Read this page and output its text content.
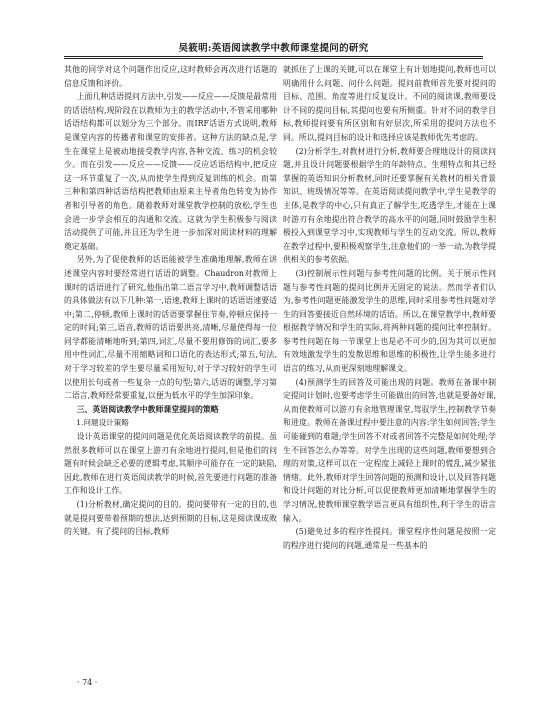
吴筱明:英语阅读教学中教师课堂提问的研究

其他的同学对这个问题作出反应,这时教师会再次进行话题的信息反馈和评价。

上面几种话语提问方法中,引发——反应——反馈是最常用的话语结构,现阶段在以教师为主的教学活动中,不管采用哪种话语结构都可以划分为三个部分。而IRF话语方式说明,教师是课堂内容的传播者和课堂的安排者。这种方法的缺点是,学生在课堂上是被动地接受教学内容,各种交流、练习的机会较少。而在引发——反应——反馈——反应话语结构中,把反应这一环节重复了一次,从而使学生得到反复训练的机会。而第三种和第四种话语结构把教师由原来主导者角色转变为协作者和引导者的角色。随着教师对课堂教学控制的放松,学生也会进一步学会相互的沟通和交流。这就为学生积极参与阅读活动提供了可能,并且还为学生进一步加深对阅读材料的理解奠定基础。

另外,为了促使教师的话语能被学生准确地理解,教师在讲述课堂内容时要经常进行话语的调整。Chaudron对教师上课时的话语进行了研究,他指出第二语言学习中,教师调整话语的具体做法有以下几种:第一,语速,教师上课时的话语语速要适中;第二,停顿,教师上课时的话语要掌握住节奏,停顿应保持一定的时间;第三,语音,教师的话语要洪亮,清晰,尽量使得每一位同学都能清晰地听到;第四,词汇,尽量不要用修饰的词汇,要多用中性词汇,尽量不用缩略词和口语化的表达形式;第五,句法,对于学习较差的学生要尽量采用短句,对于学习较好的学生可以使用长句或者一些复杂一点的句型;第六,话语的调整,学习第二语言,教师经常要重复,以便为低水平的学生加深印象。

三、英语阅读教学中教师课堂提问的策略
1.问题设计策略

设计英语课堂的提问问题是优化英语阅读教学的前提。虽然很多教师可以在课堂上游刃有余地进行提问,但是他们的问题有时候会缺乏必要的逻辑考虑,其顺序可能存在一定的缺陷,因此,教师在进行英语阅读教学的时候,首先要进行问题的准备工作和设计工作。

(1)分析教材,确定提问的目的。提问要带有一定的目的,也就是提问要带着预期的想法,达到预期的目标,这是阅读课成败的关键。有了提问的目标,教师

就抓住了上课的关键,可以在课堂上有计划地提问,教师也可以明确用什么问题、问什么问题。提问前教师首先要对提问的目标、范围、角度等进行反复设计。不同的阅读课,教师要设计不同的提问目标,其提问也要有所侧重。针对不同的教学目标,教师提问要有所区别和有好层次,所采用的提问方法也不同。所以,提问目标的设计和选择应该是教师优先考虑的。

(2)分析学生,对教材进行分析,教师要合理地设计的阅读问题,并且设计问题要根据学生的年龄特点、生理特点和其已经掌握的英语知识分析教材,同时还要掌握有关教材的相关背景知识、班级情况等等。在英语阅读提问教学中,学生是教学的主体,是教学的中心,只有真正了解学生,吃透学生,才能在上课时游刃有余地提出符合教学的高水平的问题,同时鼓励学生积极投入到课堂学习中,实现教师与学生的互动交流。所以,教师在教学过程中,要积极观察学生,注意他们的一举一动,为教学提供相关的参考依据。

(3)控制展示性问题与参考性问题的比例。关于展示性问题与参考性问题的提问比例并无固定的说法。然而学者们认为,参考性问题更能激发学生的思维,同时采用参考性问题对学生的回答要接近自然环境的话语。所以,在课堂教学中,教师要根据教学情况和学生的实际,将两种问题的提问比率控制好。参考性问题在每一节课堂上也是必不可少的,因为其可以更加有效地激发学生的发散思维和思维的积极性,让学生能多进行语言的练习,从而更深刻地理解课文。

(4)预测学生的回答及可能出现的问题。教师在备课中制定提问计划时,也要考虑学生可能做出的回答,也就是要备好课,从而使教师可以游刃有余地管理课堂,驾驭学生,控制教学节奏和进度。教师在备课过程中要注意的内容:学生如何回答;学生可能碰到的难题;学生回答不对或者回答不完整是如何处理;学生不回答怎么办等等。对学生出现的这些问题,教师要想到合理的对策,这样可以在一定程度上减轻上课时的慌乱,减少紧张情绪。此外,教师对学生回答问题的预测和设计,以及回答问题和设计问题的对比分析,可以促使教师更加清晰地掌握学生的学习情况,使教师课堂教学语言更具有组织性,利于学生的语言输入。

(5)避免过多的程序性提问。课堂程序性问题是按照一定的程序进行提问的问题,通常是一些基本的

· 74 ·
